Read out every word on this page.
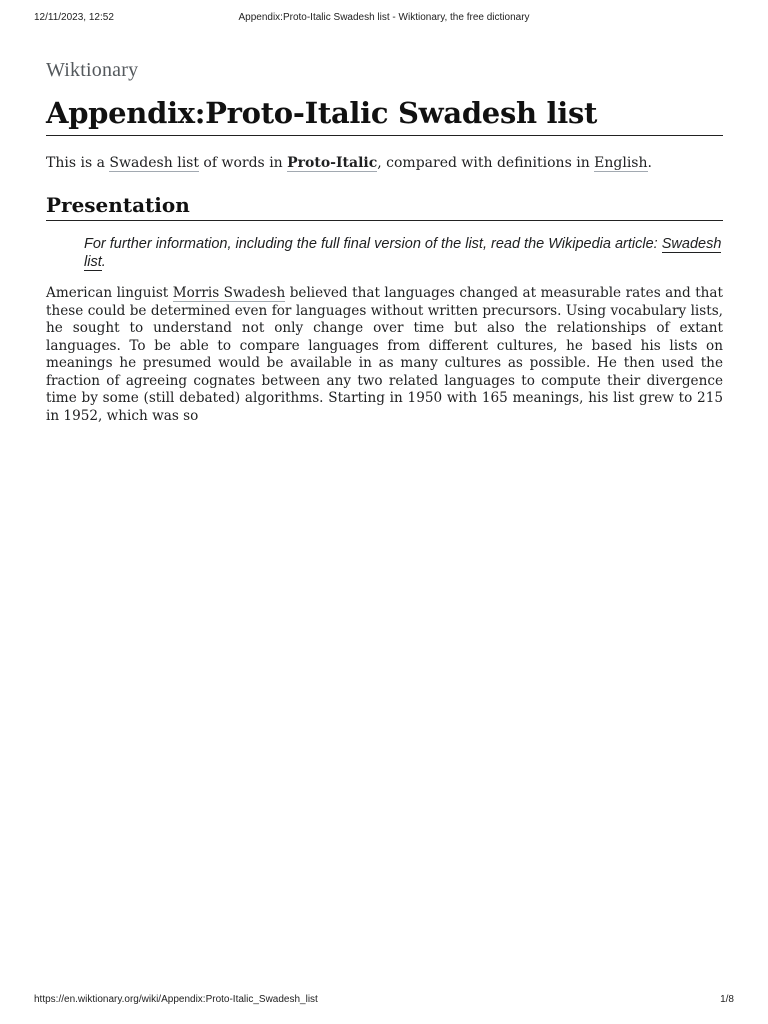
12/11/2023, 12:52	Appendix:Proto-Italic Swadesh list - Wiktionary, the free dictionary
Wiktionary
Appendix:Proto-Italic Swadesh list

This is a Swadesh list of words in Proto-Italic, compared with definitions in English.

Presentation
For further information, including the full final version of the list, read the Wikipedia article: Swadesh list.

American linguist Morris Swadesh believed that languages changed at measurable rates and that these could be determined even for languages without written precursors. Using vocabulary lists, he sought to understand not only change over time but also the relationships of extant languages. To be able to compare languages from different cultures, he based his lists on meanings he presumed would be available in as many cultures as possible. He then used the fraction of agreeing cognates between any two related languages to compute their divergence time by some (still debated) algorithms. Starting in 1950 with 165 meanings, his list grew to 215 in 1952, which was so

https://en.wiktionary.org/wiki/Appendix:Proto-Italic_Swadesh_list	1/8
